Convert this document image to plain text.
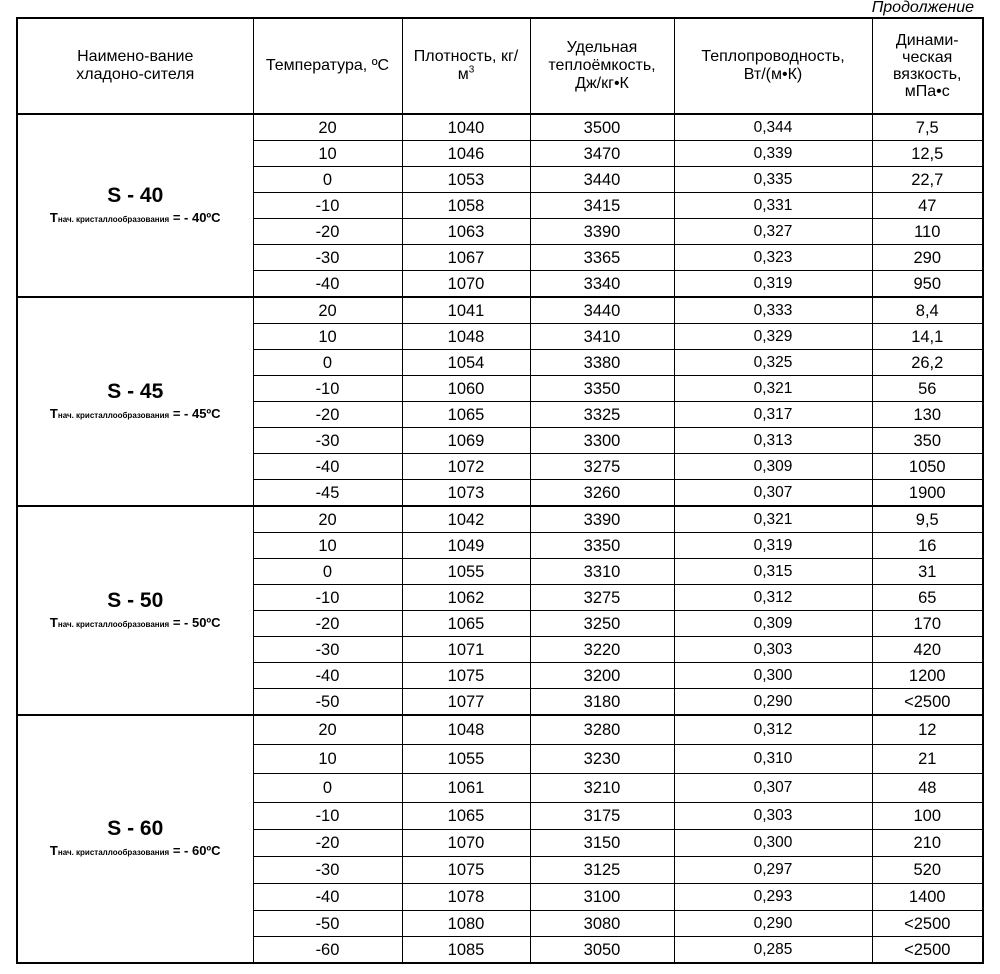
Продолжение
Наимено-вание хладоно-сителя	Температура, ºС	Плотность, $кг/м^3$	Удельная теплоёмкость, Дж/кг•К	Теплопроводность, Вт/(м•К)	Динами-ческая вязкость, мПа•с

S - 40
Тнач. кристаллообразования = - 40ºС	20	1040	3500	0,344	7,5
	10	1046	3470	0,339	12,5
	0	1053	3440	0,335	22,7
	-10	1058	3415	0,331	47
	-20	1063	3390	0,327	110
	-30	1067	3365	0,323	290
	-40	1070	3340	0,319	950

S - 45
Тнач. кристаллообразования = - 45ºС	20	1041	3440	0,333	8,4
	10	1048	3410	0,329	14,1
	0	1054	3380	0,325	26,2
	-10	1060	3350	0,321	56
	-20	1065	3325	0,317	130
	-30	1069	3300	0,313	350
	-40	1072	3275	0,309	1050
	-45	1073	3260	0,307	1900

S - 50
Тнач. кристаллообразования = - 50ºС	20	1042	3390	0,321	9,5
	10	1049	3350	0,319	16
	0	1055	3310	0,315	31
	-10	1062	3275	0,312	65
	-20	1065	3250	0,309	170
	-30	1071	3220	0,303	420
	-40	1075	3200	0,300	1200
	-50	1077	3180	0,290	<2500

S - 60
Тнач. кристаллообразования = - 60ºС	20	1048	3280	0,312	12
	10	1055	3230	0,310	21
	0	1061	3210	0,307	48
	-10	1065	3175	0,303	100
	-20	1070	3150	0,300	210
	-30	1075	3125	0,297	520
	-40	1078	3100	0,293	1400
	-50	1080	3080	0,290	<2500
	-60	1085	3050	0,285	<2500
